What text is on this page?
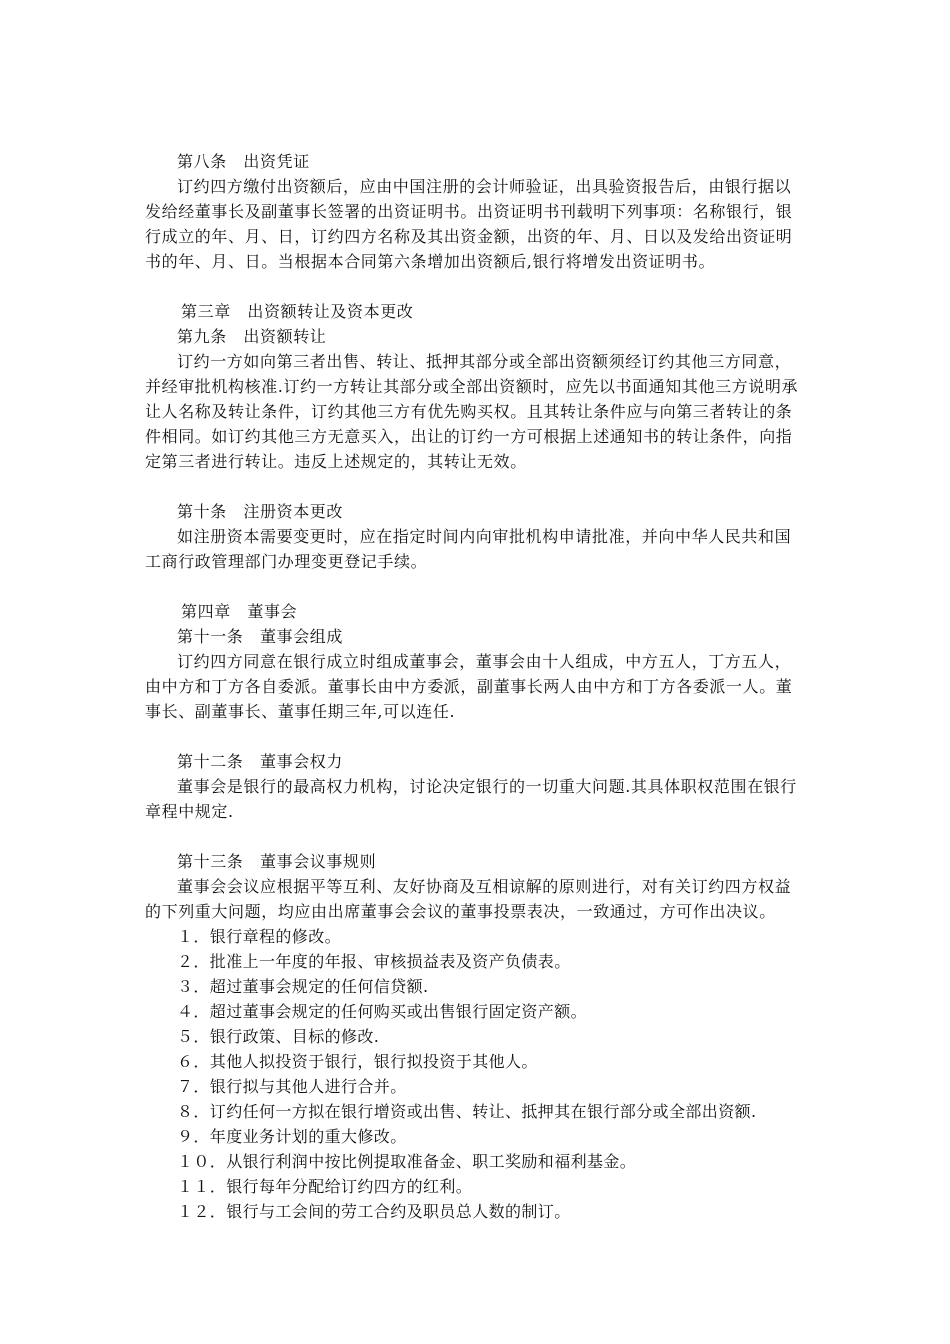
第八条　出资凭证
订约四方缴付出资额后，应由中国注册的会计师验证，出具验资报告后，由银行据以
发给经董事长及副董事长签署的出资证明书。出资证明书刊载明下列事项：名称银行，银
行成立的年、月、日，订约四方名称及其出资金额，出资的年、月、日以及发给出资证明
书的年、月、日。当根据本合同第六条增加出资额后,银行将增发出资证明书。
第三章　出资额转让及资本更改
第九条　出资额转让
订约一方如向第三者出售、转让、抵押其部分或全部出资额须经订约其他三方同意，
并经审批机构核准.订约一方转让其部分或全部出资额时，应先以书面通知其他三方说明承
让人名称及转让条件，订约其他三方有优先购买权。且其转让条件应与向第三者转让的条
件相同。如订约其他三方无意买入，出让的订约一方可根据上述通知书的转让条件，向指
定第三者进行转让。违反上述规定的，其转让无效。
第十条　注册资本更改
如注册资本需要变更时，应在指定时间内向审批机构申请批准，并向中华人民共和国
工商行政管理部门办理变更登记手续。
第四章　董事会
第十一条　董事会组成
订约四方同意在银行成立时组成董事会，董事会由十人组成，中方五人，丁方五人，
由中方和丁方各自委派。董事长由中方委派，副董事长两人由中方和丁方各委派一人。董
事长、副董事长、董事任期三年,可以连任.
第十二条　董事会权力
董事会是银行的最高权力机构，讨论决定银行的一切重大问题.其具体职权范围在银行
章程中规定.
第十三条　董事会议事规则
董事会会议应根据平等互利、友好协商及互相谅解的原则进行，对有关订约四方权益
的下列重大问题，均应由出席董事会会议的董事投票表决，一致通过，方可作出决议。
１．银行章程的修改。
２．批准上一年度的年报、审核损益表及资产负债表。
３．超过董事会规定的任何信贷额.
４．超过董事会规定的任何购买或出售银行固定资产额。
５．银行政策、目标的修改.
６．其他人拟投资于银行，银行拟投资于其他人。
７．银行拟与其他人进行合并。
８．订约任何一方拟在银行增资或出售、转让、抵押其在银行部分或全部出资额.
９．年度业务计划的重大修改。
１０．从银行利润中按比例提取准备金、职工奖励和福利基金。
１１．银行每年分配给订约四方的红利。
１２．银行与工会间的劳工合约及职员总人数的制订。
